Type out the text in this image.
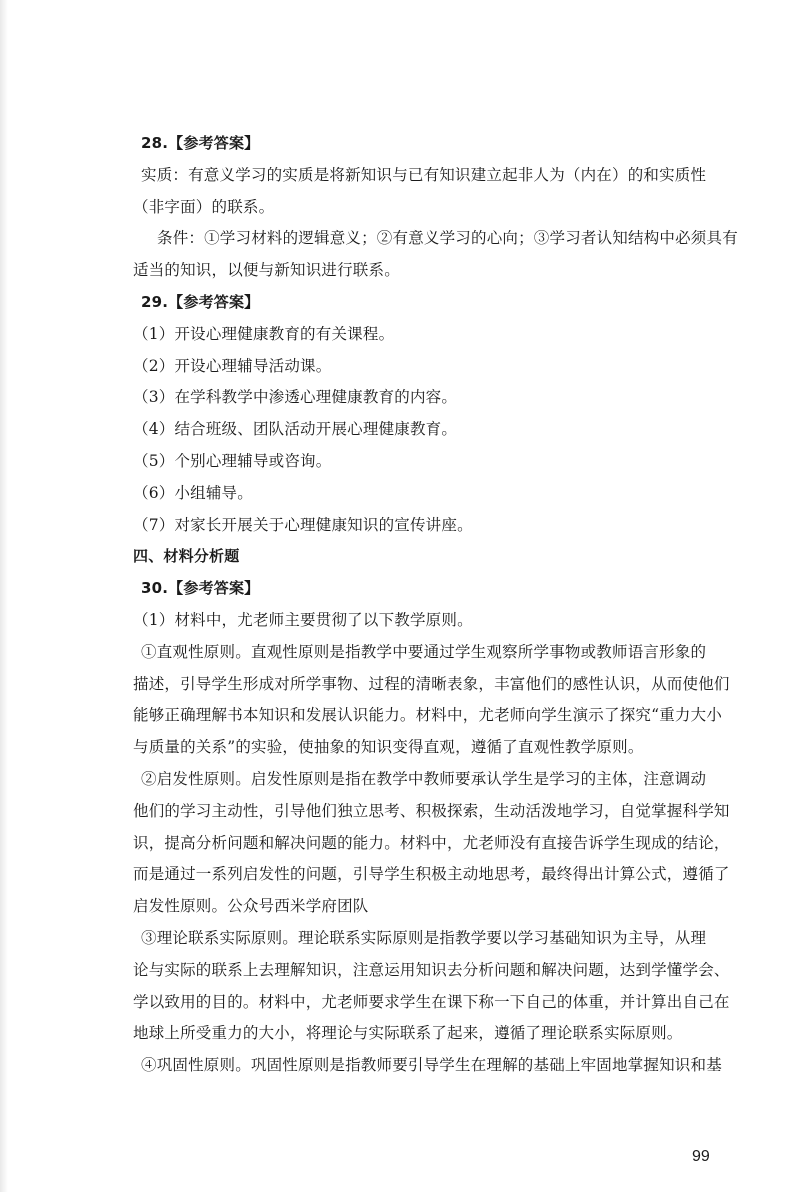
28.【参考答案】
实质：有意义学习的实质是将新知识与已有知识建立起非人为（内在）的和实质性
（非字面）的联系。
条件：①学习材料的逻辑意义；②有意义学习的心向；③学习者认知结构中必须具有
适当的知识，以便与新知识进行联系。
29.【参考答案】
（1）开设心理健康教育的有关课程。
（2）开设心理辅导活动课。
（3）在学科教学中渗透心理健康教育的内容。
（4）结合班级、团队活动开展心理健康教育。
（5）个别心理辅导或咨询。
（6）小组辅导。
（7）对家长开展关于心理健康知识的宣传讲座。
四、材料分析题
30.【参考答案】
（1）材料中，尤老师主要贯彻了以下教学原则。
①直观性原则。直观性原则是指教学中要通过学生观察所学事物或教师语言形象的
描述，引导学生形成对所学事物、过程的清晰表象，丰富他们的感性认识，从而使他们
能够正确理解书本知识和发展认识能力。材料中，尤老师向学生演示了探究“重力大小
与质量的关系”的实验，使抽象的知识变得直观，遵循了直观性教学原则。
②启发性原则。启发性原则是指在教学中教师要承认学生是学习的主体，注意调动
他们的学习主动性，引导他们独立思考、积极探索，生动活泼地学习，自觉掌握科学知
识，提高分析问题和解决问题的能力。材料中，尤老师没有直接告诉学生现成的结论，
而是通过一系列启发性的问题，引导学生积极主动地思考，最终得出计算公式，遵循了
启发性原则。公众号西米学府团队
③理论联系实际原则。理论联系实际原则是指教学要以学习基础知识为主导，从理
论与实际的联系上去理解知识，注意运用知识去分析问题和解决问题，达到学懂学会、
学以致用的目的。材料中，尤老师要求学生在课下称一下自己的体重，并计算出自己在
地球上所受重力的大小，将理论与实际联系了起来，遵循了理论联系实际原则。
④巩固性原则。巩固性原则是指教师要引导学生在理解的基础上牢固地掌握知识和基
99
